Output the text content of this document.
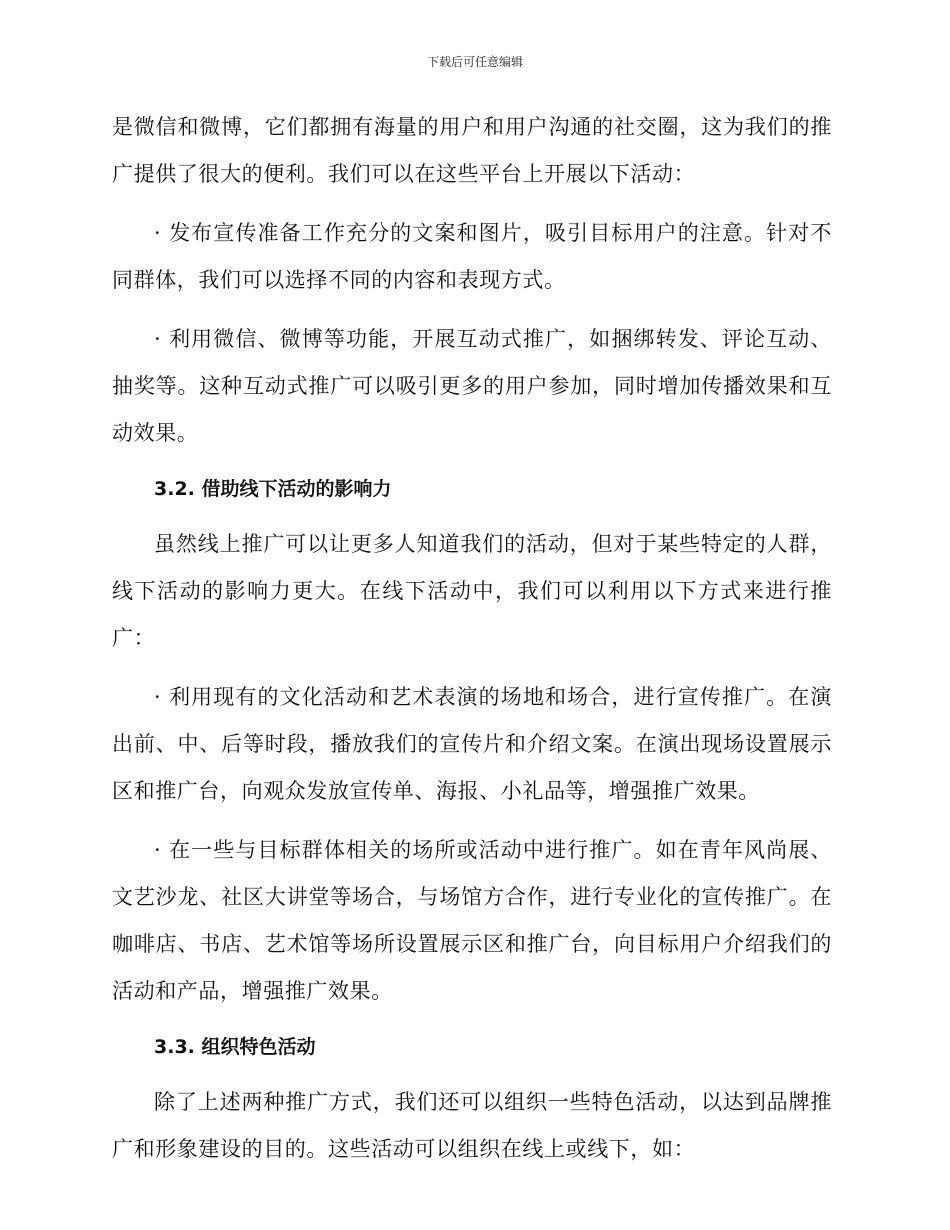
下载后可任意编辑

是微信和微博，它们都拥有海量的用户和用户沟通的社交圈，这为我们的推广提供了很大的便利。我们可以在这些平台上开展以下活动：

· 发布宣传准备工作充分的文案和图片，吸引目标用户的注意。针对不同群体，我们可以选择不同的内容和表现方式。

· 利用微信、微博等功能，开展互动式推广，如捆绑转发、评论互动、抽奖等。这种互动式推广可以吸引更多的用户参加，同时增加传播效果和互动效果。

3.2. 借助线下活动的影响力

虽然线上推广可以让更多人知道我们的活动，但对于某些特定的人群，线下活动的影响力更大。在线下活动中，我们可以利用以下方式来进行推广：

· 利用现有的文化活动和艺术表演的场地和场合，进行宣传推广。在演出前、中、后等时段，播放我们的宣传片和介绍文案。在演出现场设置展示区和推广台，向观众发放宣传单、海报、小礼品等，增强推广效果。

· 在一些与目标群体相关的场所或活动中进行推广。如在青年风尚展、文艺沙龙、社区大讲堂等场合，与场馆方合作，进行专业化的宣传推广。在咖啡店、书店、艺术馆等场所设置展示区和推广台，向目标用户介绍我们的活动和产品，增强推广效果。

3.3. 组织特色活动

除了上述两种推广方式，我们还可以组织一些特色活动，以达到品牌推广和形象建设的目的。这些活动可以组织在线上或线下，如：
